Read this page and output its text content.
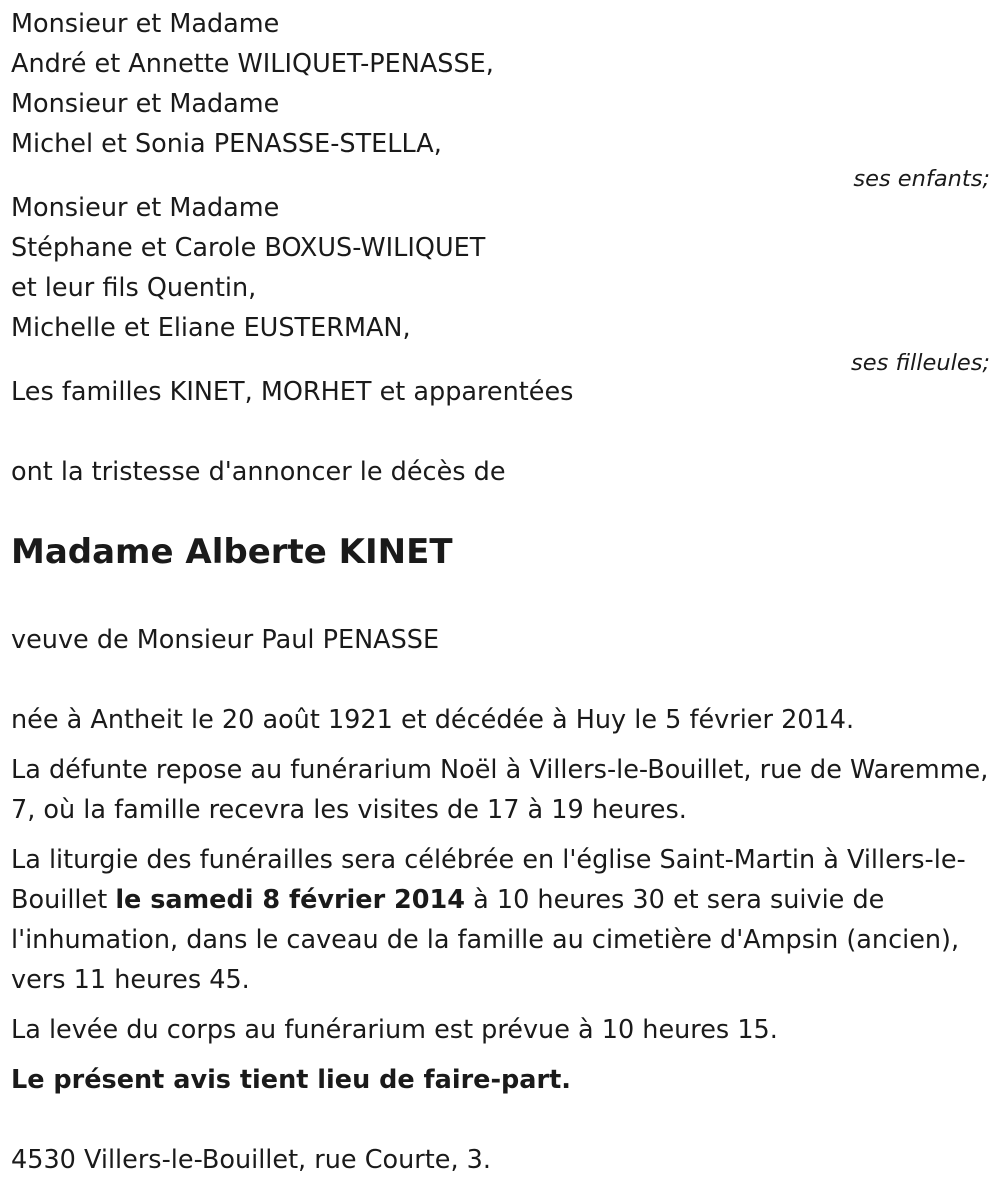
Monsieur et Madame
André et Annette WILIQUET-PENASSE,
Monsieur et Madame
Michel et Sonia PENASSE-STELLA,
ses enfants;
Monsieur et Madame
Stéphane et Carole BOXUS-WILIQUET
et leur fils Quentin,
Michelle et Eliane EUSTERMAN,
ses filleules;
Les familles KINET, MORHET et apparentées
ont la tristesse d'annoncer le décès de
Madame Alberte KINET
veuve de Monsieur Paul PENASSE
née à Antheit le 20 août 1921 et décédée à Huy le 5 février 2014.
La défunte repose au funérarium Noël à Villers-le-Bouillet, rue de Waremme, 7, où la famille recevra les visites de 17 à 19 heures.
La liturgie des funérailles sera célébrée en l'église Saint-Martin à Villers-le-Bouillet le samedi 8 février 2014 à 10 heures 30 et sera suivie de l'inhumation, dans le caveau de la famille au cimetière d'Ampsin (ancien), vers 11 heures 45.
La levée du corps au funérarium est prévue à 10 heures 15.
Le présent avis tient lieu de faire-part.
4530 Villers-le-Bouillet, rue Courte, 3.
